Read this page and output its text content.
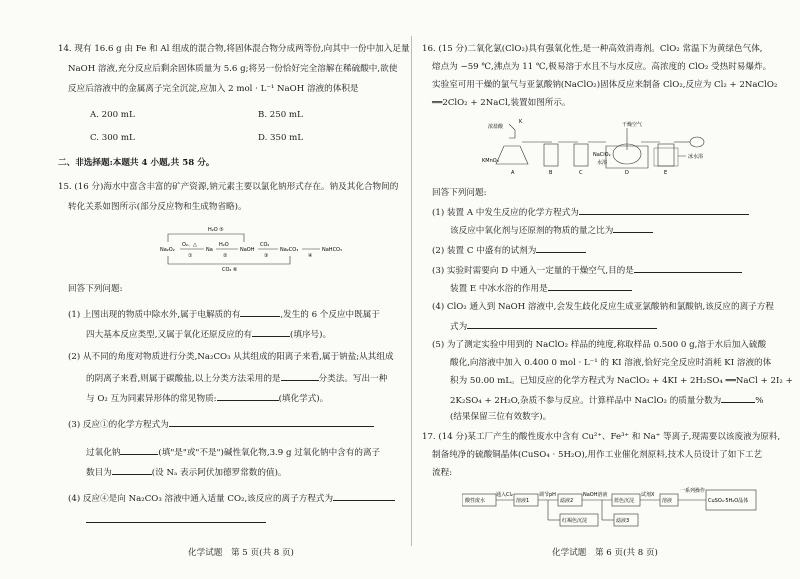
14. 现有 16.6 g 由 Fe 和 Al 组成的混合物,将固体混合物分成两等份,向其中一份中加入足量
NaOH 溶液,充分反应后剩余固体质量为 5.6 g;将另一份恰好完全溶解在稀硫酸中,欲使
反应后溶液中的金属离子完全沉淀,应加入 2 mol · L⁻¹ NaOH 溶液的体积是
A. 200 mL	B. 250 mL
C. 300 mL	D. 350 mL
二、非选择题:本题共 4 小题,共 58 分。
15. (16 分)海水中富含丰富的矿产资源,钠元素主要以氯化钠形式存在。钠及其化合物间的
转化关系如图所示(部分反应物和生成物省略)。
H₂O ⑤
Na₂O₂
O₂、△
①
Na
H₂O
②
NaOH
CO₂
③
Na₂CO₃
④
NaHCO₃
CO₂ ⑥
回答下列问题:
(1) 上图出现的物质中除水外,属于电解质的有	,发生的 6 个反应中既属于
四大基本反应类型,又属于氧化还原反应的有	(填序号)。
(2) 从不同的角度对物质进行分类,Na₂CO₃ 从其组成的阳离子来看,属于钠盐;从其组成
的阴离子来看,则属于碳酸盐,以上分类方法采用的是	分类法。写出一种
与 O₂ 互为同素异形体的常见物质:	(填化学式)。
(3) 反应①的化学方程式为
过氧化钠	(填"是"或"不是")碱性氧化物,3.9 g 过氧化钠中含有的离子
数目为	(设 Nₐ 表示阿伏加德罗常数的值)。
(4) 反应④是向 Na₂CO₃ 溶液中通入适量 CO₂,该反应的离子方程式为
化学试题　第 5 页(共 8 页)
16. (15 分)二氧化氯(ClO₂)具有强氧化性,是一种高效消毒剂。ClO₂ 常温下为黄绿色气体,
熔点为 −59 ℃,沸点为 11 ℃,极易溶于水且不与水反应。高浓度的 ClO₂ 受热时易爆炸。
实验室可用干燥的氯气与亚氯酸钠(NaClO₂)固体反应来制备 ClO₂,反应为 Cl₂ + 2NaClO₂
══2ClO₂ + 2NaCl,装置如图所示。
浓盐酸
K
KMnO₄
A	B	C
干燥空气
NaClO₂
水浴
D
冰水浴
E
回答下列问题:
(1) 装置 A 中发生反应的化学方程式为
该反应中氧化剂与还原剂的物质的量之比为
(2) 装置 C 中盛有的试剂为
(3) 实验时需要向 D 中通入一定量的干燥空气,目的是
装置 E 中冰水浴的作用是
(4) ClO₂ 通入到 NaOH 溶液中,会发生歧化反应生成亚氯酸钠和氯酸钠,该反应的离子方程
式为
(5) 为了测定实验中用到的 NaClO₂ 样品的纯度,称取样品 0.500 0 g,溶于水后加入硫酸
酸化,向溶液中加入 0.400 0 mol · L⁻¹ 的 KI 溶液,恰好完全反应时消耗 KI 溶液的体
积为 50.00 mL。已知反应的化学方程式为 NaClO₂ + 4KI + 2H₂SO₄ ══NaCl + 2I₂ +
2K₂SO₄ + 2H₂O,杂质不参与反应。计算样品中 NaClO₂ 的质量分数为	%
(结果保留三位有效数字)。
17. (14 分)某工厂产生的酸性废水中含有 Cu²⁺、Fe³⁺ 和 Na⁺ 等离子,现需要以该废液为原料,
制备纯净的硫酸铜晶体(CuSO₄ · 5H₂O),用作工业催化剂原料,技术人员设计了如下工艺
流程:
酸性废水
通入Cl₂
溶液1
调节pH
滤液2
红褐色沉淀
NaOH溶液
蓝色沉淀
滤液3
试剂X
溶液
一系列操作
CuSO₄·5H₂O晶体
化学试题　第 6 页(共 8 页)
